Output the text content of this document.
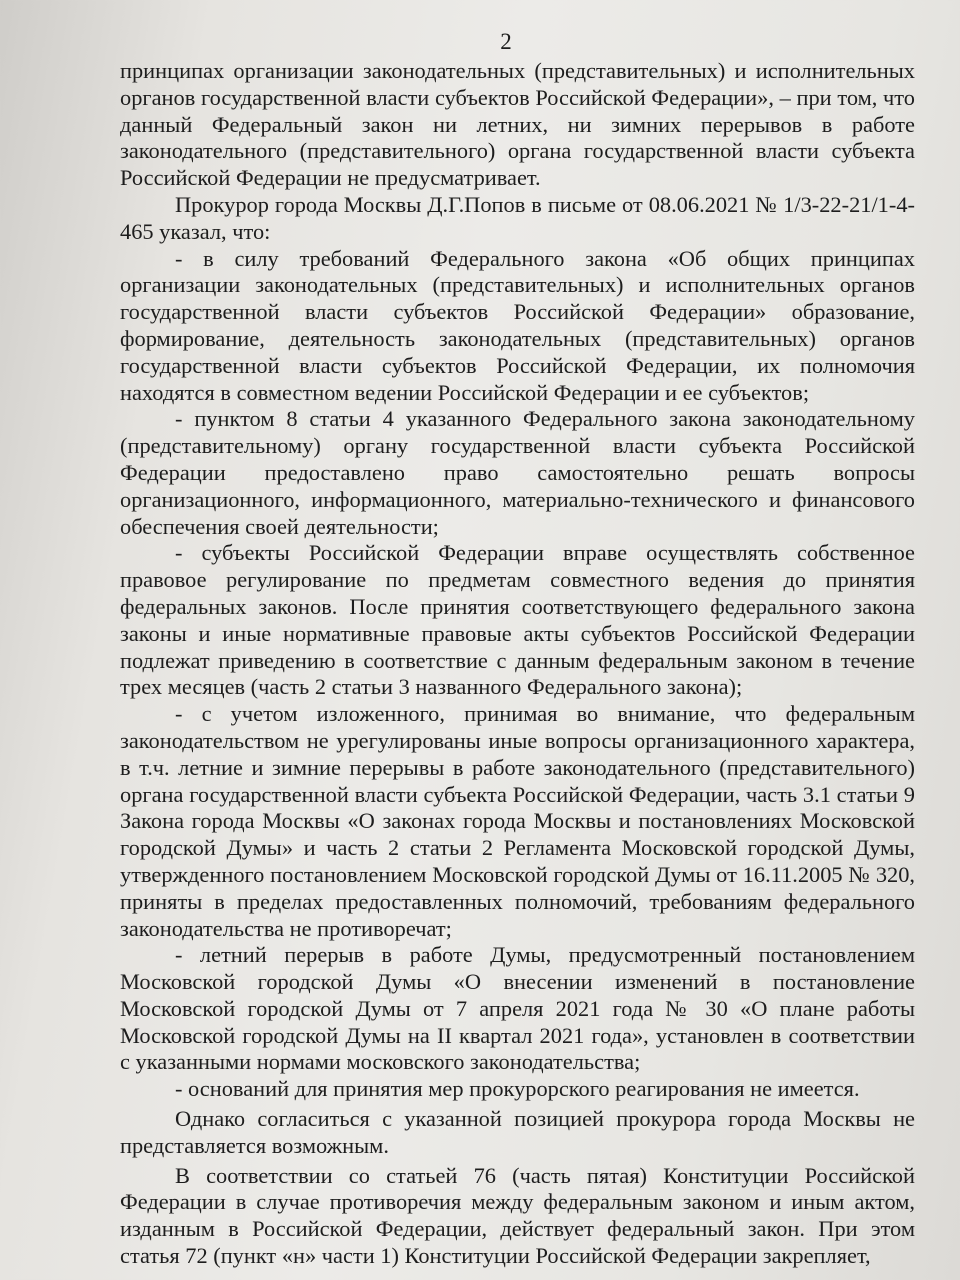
2

принципах организации законодательных (представительных) и исполнительных органов государственной власти субъектов Российской Федерации», – при том, что данный Федеральный закон ни летних, ни зимних перерывов в работе законодательного (представительного) органа государственной власти субъекта Российской Федерации не предусматривает.

Прокурор города Москвы Д.Г.Попов в письме от 08.06.2021 № 1/3-22-21/1-4-465 указал, что:

- в силу требований Федерального закона «Об общих принципах организации законодательных (представительных) и исполнительных органов государственной власти субъектов Российской Федерации» образование, формирование, деятельность законодательных (представительных) органов государственной власти субъектов Российской Федерации, их полномочия находятся в совместном ведении Российской Федерации и ее субъектов;

- пунктом 8 статьи 4 указанного Федерального закона законодательному (представительному) органу государственной власти субъекта Российской Федерации предоставлено право самостоятельно решать вопросы организационного, информационного, материально-технического и финансового обеспечения своей деятельности;

- субъекты Российской Федерации вправе осуществлять собственное правовое регулирование по предметам совместного ведения до принятия федеральных законов. После принятия соответствующего федерального закона законы и иные нормативные правовые акты субъектов Российской Федерации подлежат приведению в соответствие с данным федеральным законом в течение трех месяцев (часть 2 статьи 3 названного Федерального закона);

- с учетом изложенного, принимая во внимание, что федеральным законодательством не урегулированы иные вопросы организационного характера, в т.ч. летние и зимние перерывы в работе законодательного (представительного) органа государственной власти субъекта Российской Федерации, часть 3.1 статьи 9 Закона города Москвы «О законах города Москвы и постановлениях Московской городской Думы» и часть 2 статьи 2 Регламента Московской городской Думы, утвержденного постановлением Московской городской Думы от 16.11.2005 № 320, приняты в пределах предоставленных полномочий, требованиям федерального законодательства не противоречат;

- летний перерыв в работе Думы, предусмотренный постановлением Московской городской Думы «О внесении изменений в постановление Московской городской Думы от 7 апреля 2021 года № 30 «О плане работы Московской городской Думы на II квартал 2021 года», установлен в соответствии с указанными нормами московского законодательства;

- оснований для принятия мер прокурорского реагирования не имеется.

Однако согласиться с указанной позицией прокурора города Москвы не представляется возможным.

В соответствии со статьей 76 (часть пятая) Конституции Российской Федерации в случае противоречия между федеральным законом и иным актом, изданным в Российской Федерации, действует федеральный закон. При этом статья 72 (пункт «н» части 1) Конституции Российской Федерации закрепляет,
